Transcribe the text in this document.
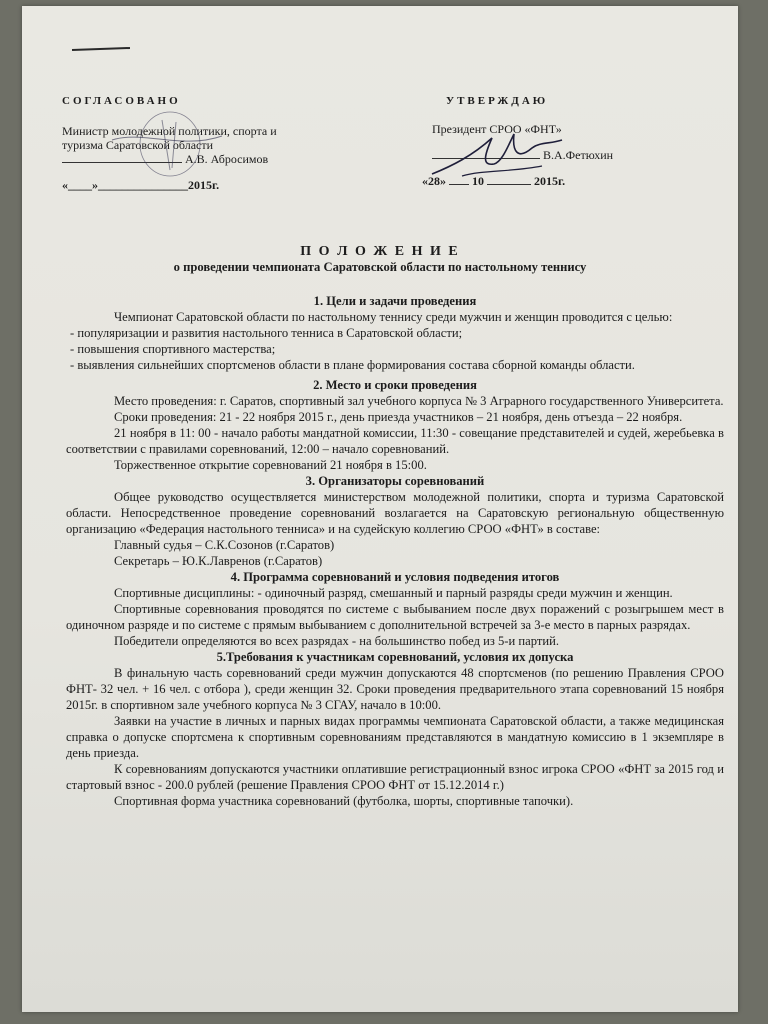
СОГЛАСОВАНО
Министр молодежной политики, спорта и
туризма Саратовской области
А.В. Абросимов
«____»_______________2015г.
УТВЕРЖДАЮ
Президент СРОО «ФНТ»
В.А.Фетюхин
«28» 10	2015г.
П О Л О Ж Е Н И Е
о проведении чемпионата Саратовской области по настольному теннису

1. Цели и задачи проведения

Чемпионат Саратовской области по настольному теннису среди мужчин и женщин проводится с целью:

- популяризации и развития настольного тенниса в Саратовской области;

- повышения спортивного мастерства;

- выявления сильнейших спортсменов области в плане формирования состава сборной команды области.

2. Место и сроки проведения

Место проведения: г. Саратов, спортивный зал учебного корпуса № 3 Аграрного государственного Университета.

Сроки проведения: 21 - 22 ноября 2015 г., день приезда участников – 21 ноября, день отъезда – 22 ноября.

21 ноября в 11: 00 - начало работы мандатной комиссии, 11:30 - совещание представителей и судей, жеребьевка в соответствии с правилами соревнований, 12:00 – начало соревнований.

Торжественное открытие соревнований 21 ноября в 15:00.

3. Организаторы соревнований

Общее руководство осуществляется министерством молодежной политики, спорта и туризма Саратовской области. Непосредственное проведение соревнований возлагается на Саратовскую региональную общественную организацию «Федерация настольного тенниса» и на судейскую коллегию СРОО «ФНТ» в составе:

Главный судья – С.К.Созонов (г.Саратов)

Секретарь – Ю.К.Лавренов (г.Саратов)

4. Программа соревнований и условия подведения итогов

Спортивные дисциплины: - одиночный разряд, смешанный и парный разряды среди мужчин и женщин.

Спортивные соревнования проводятся по системе с выбыванием после двух поражений с розыгрышем мест в одиночном разряде и по системе с прямым выбыванием с дополнительной встречей за 3-е место в парных разрядах.

Победители определяются во всех разрядах - на большинство побед из 5-и партий.

5.Требования к участникам соревнований, условия их допуска

В финальную часть соревнований среди мужчин допускаются 48 спортсменов (по решению Правления СРОО ФНТ- 32 чел. + 16 чел. с отбора ), среди женщин 32. Сроки проведения предварительного этапа соревнований 15 ноября 2015г. в спортивном зале учебного корпуса № 3 СГАУ, начало в 10:00.

Заявки на участие в личных и парных видах программы чемпионата Саратовской области, а также медицинская справка о допуске спортсмена к спортивным соревнованиям представляются в мандатную комиссию в 1 экземпляре в день приезда.

К соревнованиям допускаются участники оплатившие регистрационный взнос игрока СРОО «ФНТ за 2015 год и стартовый взнос - 200.0 рублей (решение Правления СРОО ФНТ от 15.12.2014 г.)

Спортивная форма участника соревнований (футболка, шорты, спортивные тапочки).
